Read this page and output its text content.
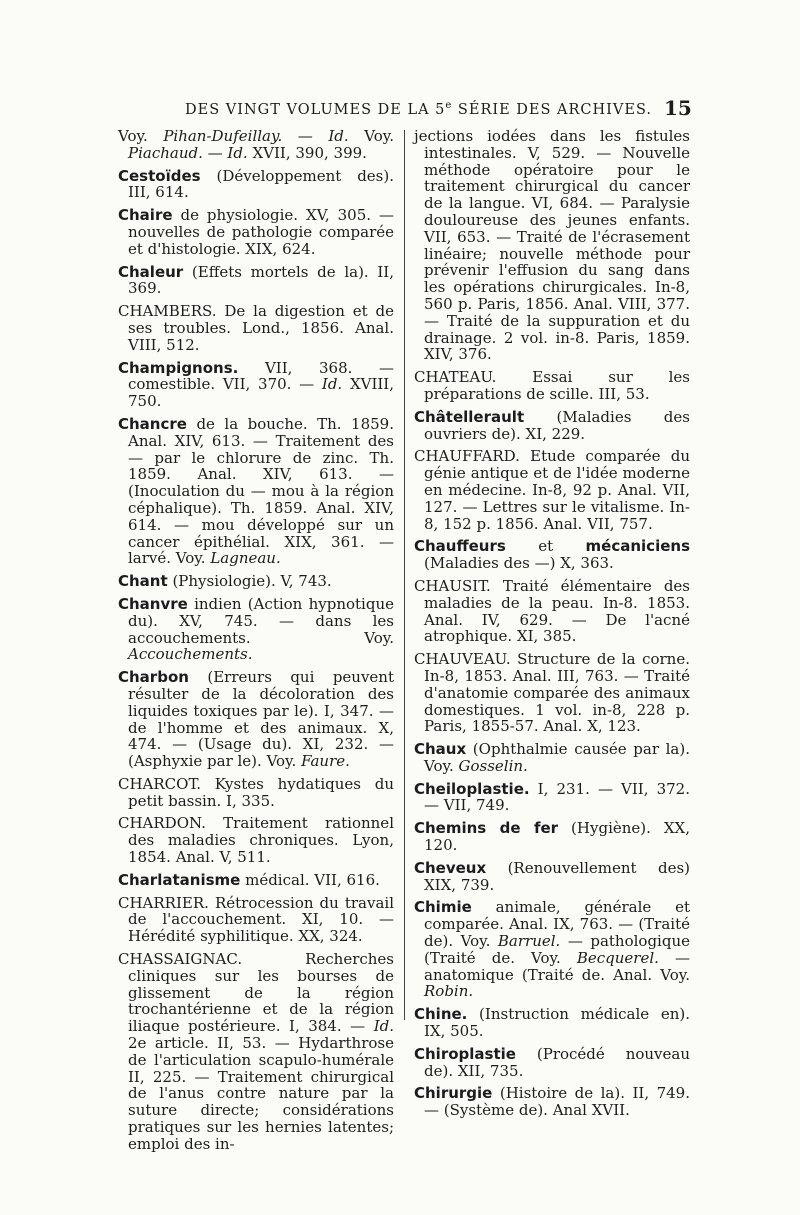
DES VINGT VOLUMES DE LA 5e SÉRIE DES ARCHIVES. 15

Voy. Pihan-Dufeillay. — Id. Voy. Piachaud. — Id. XVII, 390, 399.

Cestoïdes (Développement des). III, 614.

Chaire de physiologie. XV, 305. — nouvelles de pathologie comparée et d'histologie. XIX, 624.

Chaleur (Effets mortels de la). II, 369.

CHAMBERS. De la digestion et de ses troubles. Lond., 1856. Anal. VIII, 512.

Champignons. VII, 368. — comestible. VII, 370. — Id. XVIII, 750.

Chancre de la bouche. Th. 1859. Anal. XIV, 613. — Traitement des — par le chlorure de zinc. Th. 1859. Anal. XIV, 613. — (Inoculation du — mou à la région céphalique). Th. 1859. Anal. XIV, 614. — mou développé sur un cancer épithélial. XIX, 361. — larvé. Voy. Lagneau.

Chant (Physiologie). V, 743.

Chanvre indien (Action hypnotique du). XV, 745. — dans les accouchements. Voy. Accouchements.

Charbon (Erreurs qui peuvent résulter de la décoloration des liquides toxiques par le). I, 347. — de l'homme et des animaux. X, 474. — (Usage du). XI, 232. — (Asphyxie par le). Voy. Faure.

CHARCOT. Kystes hydatiques du petit bassin. I, 335.

CHARDON. Traitement rationnel des maladies chroniques. Lyon, 1854. Anal. V, 511.

Charlatanisme médical. VII, 616.

CHARRIER. Rétrocession du travail de l'accouchement. XI, 10. — Hérédité syphilitique. XX, 324.

CHASSAIGNAC. Recherches cliniques sur les bourses de glissement de la région trochantérienne et de la région iliaque postérieure. I, 384. — Id. 2e article. II, 53. — Hydarthrose de l'articulation scapulo-humérale II, 225. — Traitement chirurgical de l'anus contre nature par la suture directe; considérations pratiques sur les hernies latentes; emploi des in-

jections iodées dans les fistules intestinales. V, 529. — Nouvelle méthode opératoire pour le traitement chirurgical du cancer de la langue. VI, 684. — Paralysie douloureuse des jeunes enfants. VII, 653. — Traité de l'écrasement linéaire; nouvelle méthode pour prévenir l'effusion du sang dans les opérations chirurgicales. In-8, 560 p. Paris, 1856. Anal. VIII, 377. — Traité de la suppuration et du drainage. 2 vol. in-8. Paris, 1859. XIV, 376.

CHATEAU. Essai sur les préparations de scille. III, 53.

Châtellerault (Maladies des ouvriers de). XI, 229.

CHAUFFARD. Etude comparée du génie antique et de l'idée moderne en médecine. In-8, 92 p. Anal. VII, 127. — Lettres sur le vitalisme. In-8, 152 p. 1856. Anal. VII, 757.

Chauffeurs et mécaniciens (Maladies des —) X, 363.

CHAUSIT. Traité élémentaire des maladies de la peau. In-8. 1853. Anal. IV, 629. — De l'acné atrophique. XI, 385.

CHAUVEAU. Structure de la corne. In-8, 1853. Anal. III, 763. — Traité d'anatomie comparée des animaux domestiques. 1 vol. in-8, 228 p. Paris, 1855-57. Anal. X, 123.

Chaux (Ophthalmie causée par la). Voy. Gosselin.

Cheiloplastie. I, 231. — VII, 372. — VII, 749.

Chemins de fer (Hygiène). XX, 120.

Cheveux (Renouvellement des) XIX, 739.

Chimie animale, générale et comparée. Anal. IX, 763. — (Traité de). Voy. Barruel. — pathologique (Traité de. Voy. Becquerel. — anatomique (Traité de. Anal. Voy. Robin.

Chine. (Instruction médicale en). IX, 505.

Chiroplastie (Procédé nouveau de). XII, 735.

Chirurgie (Histoire de la). II, 749. — (Système de). Anal XVII.
